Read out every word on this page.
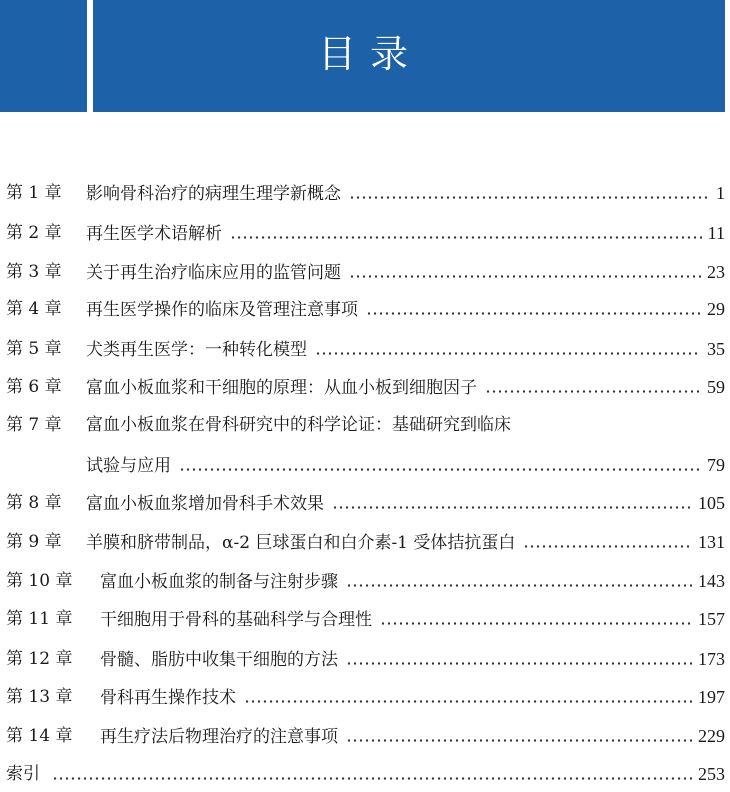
目录
第 1 章 影响骨科治疗的病理生理学新概念	1
第 2 章 再生医学术语解析	11
第 3 章 关于再生治疗临床应用的监管问题	23
第 4 章 再生医学操作的临床及管理注意事项	29
第 5 章 犬类再生医学：一种转化模型	35
第 6 章 富血小板血浆和干细胞的原理：从血小板到细胞因子	59
第 7 章 富血小板血浆在骨科研究中的科学论证：基础研究到临床
试验与应用	79
第 8 章 富血小板血浆增加骨科手术效果	105
第 9 章 羊膜和脐带制品，α-2 巨球蛋白和白介素-1 受体拮抗蛋白	131
第 10 章 富血小板血浆的制备与注射步骤	143
第 11 章 干细胞用于骨科的基础科学与合理性	157
第 12 章 骨髓、脂肪中收集干细胞的方法	173
第 13 章 骨科再生操作技术	197
第 14 章 再生疗法后物理治疗的注意事项	229
索引	253
